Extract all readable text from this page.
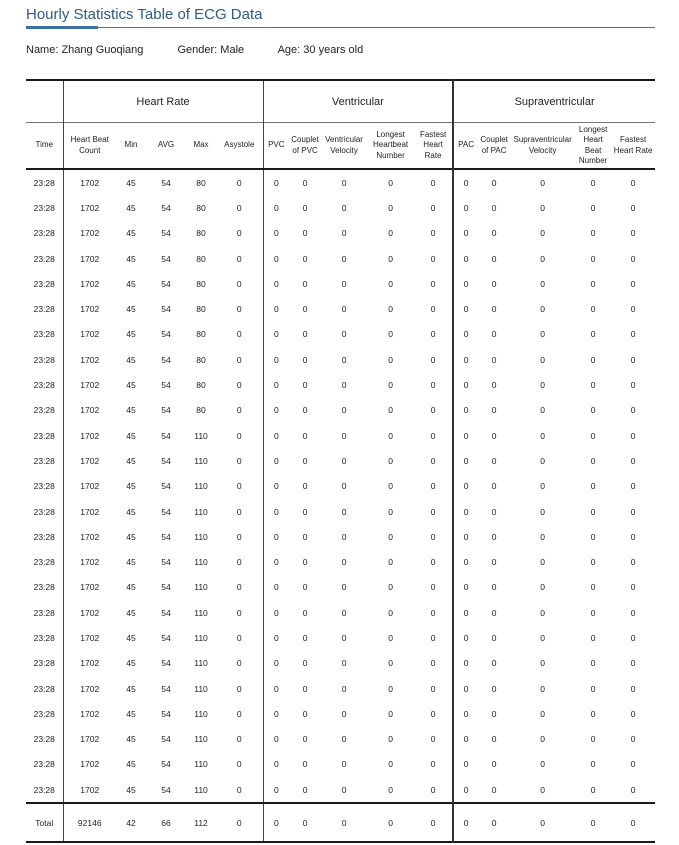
Hourly Statistics Table of ECG Data
Name: Zhang Guoqiang	Gender: Male	Age: 30 years old
	Heart Rate					Ventricular					Supraventricular				
Time	Heart Beat Count	Min	AVG	Max	Asystole	PVC	Couplet of PVC	Ventricular Velocity	Longest Heartbeat Number	Fastest Heart Rate	PAC	Couplet of PAC	Supraventricular Velocity	Longest Heart Beat Number	Fastest Heart Rate
23:28	1702	45	54	80	0	0	0	0	0	0	0	0	0	0	0
23:28	1702	45	54	80	0	0	0	0	0	0	0	0	0	0	0
23:28	1702	45	54	80	0	0	0	0	0	0	0	0	0	0	0
23:28	1702	45	54	80	0	0	0	0	0	0	0	0	0	0	0
23:28	1702	45	54	80	0	0	0	0	0	0	0	0	0	0	0
23:28	1702	45	54	80	0	0	0	0	0	0	0	0	0	0	0
23:28	1702	45	54	80	0	0	0	0	0	0	0	0	0	0	0
23:28	1702	45	54	80	0	0	0	0	0	0	0	0	0	0	0
23:28	1702	45	54	80	0	0	0	0	0	0	0	0	0	0	0
23:28	1702	45	54	80	0	0	0	0	0	0	0	0	0	0	0
23:28	1702	45	54	110	0	0	0	0	0	0	0	0	0	0	0
23:28	1702	45	54	110	0	0	0	0	0	0	0	0	0	0	0
23:28	1702	45	54	110	0	0	0	0	0	0	0	0	0	0	0
23:28	1702	45	54	110	0	0	0	0	0	0	0	0	0	0	0
23:28	1702	45	54	110	0	0	0	0	0	0	0	0	0	0	0
23:28	1702	45	54	110	0	0	0	0	0	0	0	0	0	0	0
23:28	1702	45	54	110	0	0	0	0	0	0	0	0	0	0	0
23:28	1702	45	54	110	0	0	0	0	0	0	0	0	0	0	0
23:28	1702	45	54	110	0	0	0	0	0	0	0	0	0	0	0
23:28	1702	45	54	110	0	0	0	0	0	0	0	0	0	0	0
23:28	1702	45	54	110	0	0	0	0	0	0	0	0	0	0	0
23:28	1702	45	54	110	0	0	0	0	0	0	0	0	0	0	0
23:28	1702	45	54	110	0	0	0	0	0	0	0	0	0	0	0
23:28	1702	45	54	110	0	0	0	0	0	0	0	0	0	0	0
23:28	1702	45	54	110	0	0	0	0	0	0	0	0	0	0	0
Total	92146	42	66	112	0	0	0	0	0	0	0	0	0	0	0
